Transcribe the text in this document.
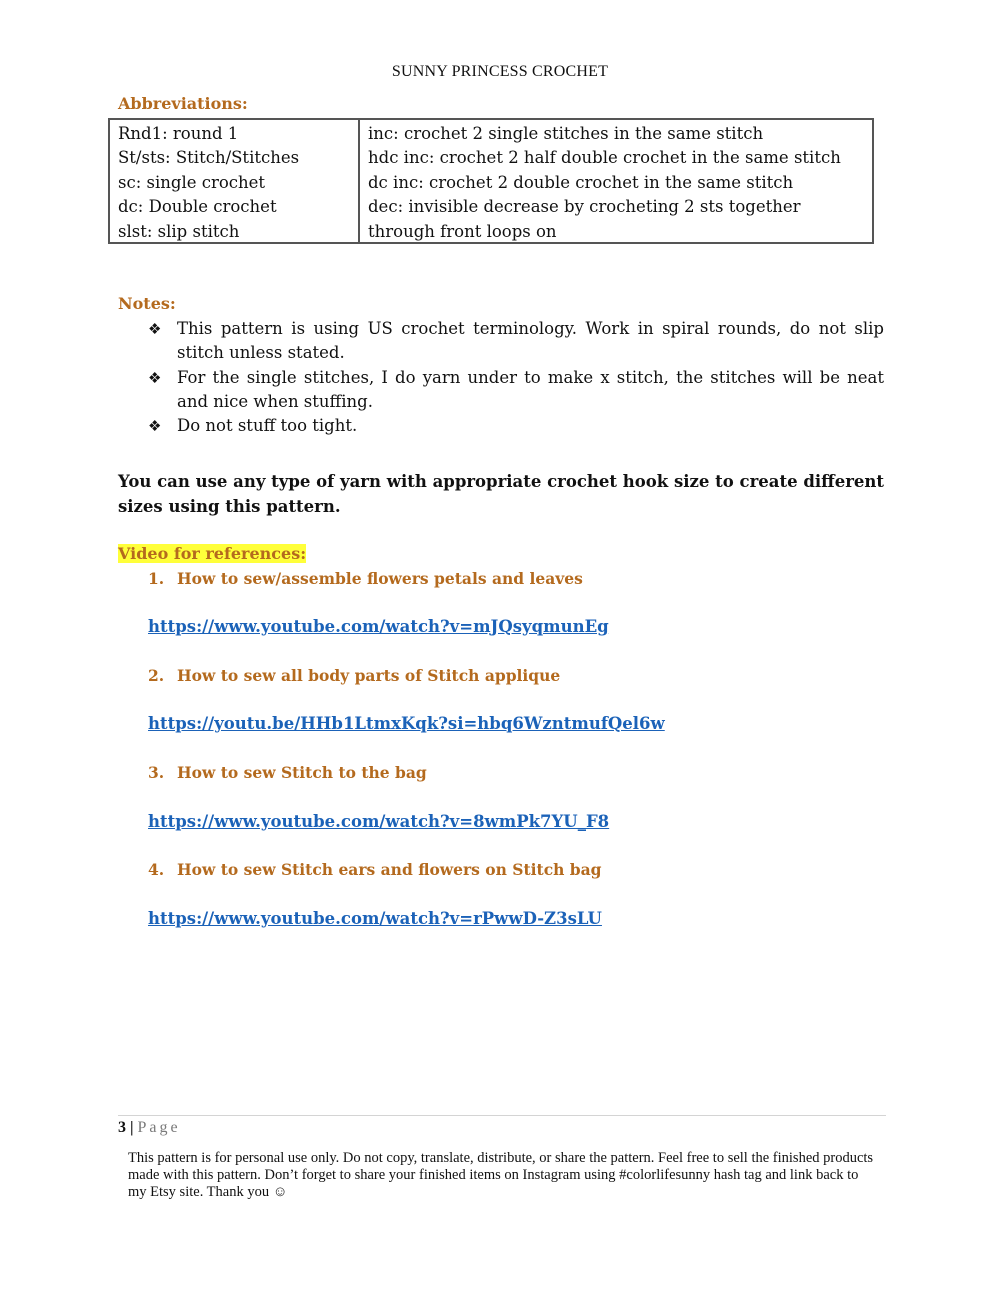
SUNNY PRINCESS CROCHET
Abbreviations:
Rnd1: round 1
St/sts: Stitch/Stitches
sc: single crochet
dc: Double crochet
slst: slip stitch
inc: crochet 2 single stitches in the same stitch
hdc inc: crochet 2 half double crochet in the same stitch
dc inc: crochet 2 double crochet in the same stitch
dec: invisible decrease by crocheting 2 sts together
through front loops on
Notes:
❖ This pattern is using US crochet terminology. Work in spiral rounds, do not slip stitch unless stated.
❖ For the single stitches, I do yarn under to make x stitch, the stitches will be neat and nice when stuffing.
❖ Do not stuff too tight.
You can use any type of yarn with appropriate crochet hook size to create different sizes using this pattern.
Video for references:
1. How to sew/assemble flowers petals and leaves
https://www.youtube.com/watch?v=mJQsyqmunEg
2. How to sew all body parts of Stitch applique
https://youtu.be/HHb1LtmxKqk?si=hbq6WzntmufQel6w
3. How to sew Stitch to the bag
https://www.youtube.com/watch?v=8wmPk7YU_F8
4. How to sew Stitch ears and flowers on Stitch bag
https://www.youtube.com/watch?v=rPwwD-Z3sLU
3 | Page
This pattern is for personal use only. Do not copy, translate, distribute, or share the pattern. Feel free to sell the finished products made with this pattern. Don’t forget to share your finished items on Instagram using #colorlifesunny hash tag and link back to my Etsy site. Thank you ☺
